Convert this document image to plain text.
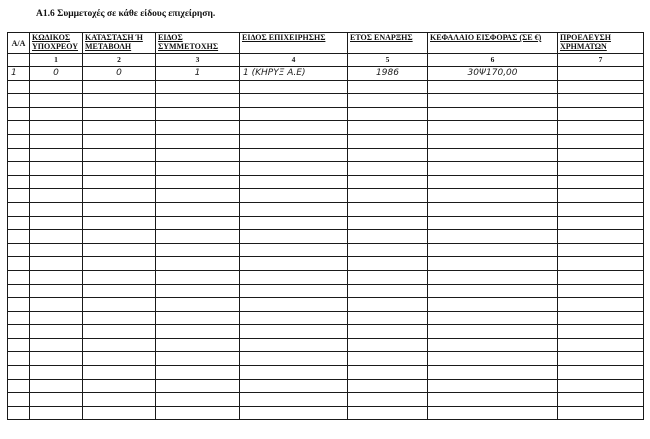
Α1.6 Συμμετοχές σε κάθε είδους επιχείρηση.
Α/Α	ΚΩΔΙΚΟΣ ΥΠΟΧΡΕΟΥ	ΚΑΤΑΣΤΑΣΗ Ή ΜΕΤΑΒΟΛΗ	ΕΙΔΟΣ ΣΥΜΜΕΤΟΧΗΣ	ΕΙΔΟΣ ΕΠΙΧΕΙΡΗΣΗΣ	ΕΤΟΣ ΕΝΑΡΞΗΣ	ΚΕΦΑΛΑΙΟ ΕΙΣΦΟΡΑΣ (ΣΕ €)	ΠΡΟΕΛΕΥΣΗ ΧΡΗΜΑΤΩΝ
	1	2	3	4	5	6	7
1	0	0	1	1 (ΚΗΡΥΞ Α.Ε)	1986	30Ψ170,00	
